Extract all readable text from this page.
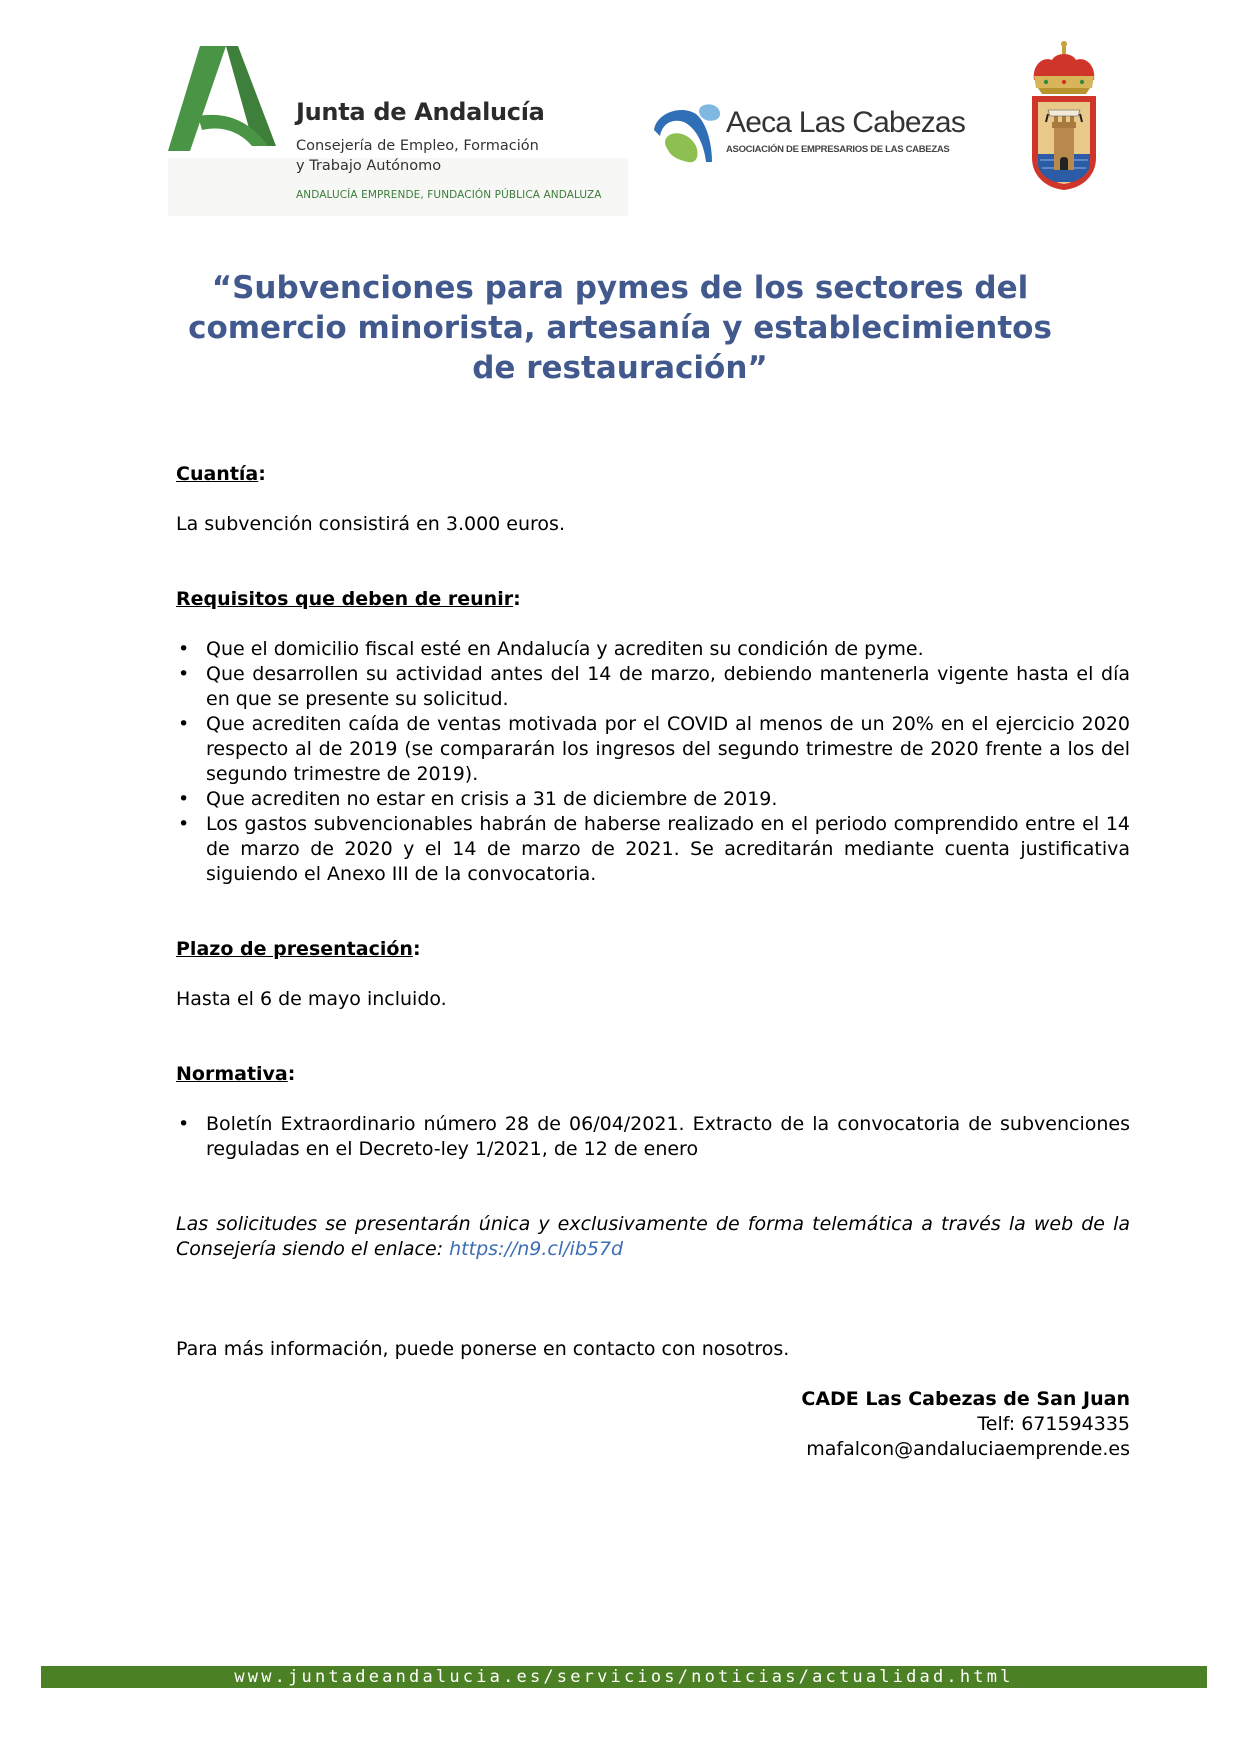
Junta de Andalucía
Consejería de Empleo, Formación
y Trabajo Autónomo
ANDALUCÍA EMPRENDE, FUNDACIÓN PÚBLICA ANDALUZA
Aeca Las Cabezas
ASOCIACIÓN DE EMPRESARIOS DE LAS CABEZAS
“Subvenciones para pymes de los sectores del
comercio minorista, artesanía y establecimientos
de restauración”

Cuantía:

La subvención consistirá en 3.000 euros.

Requisitos que deben de reunir:

• Que el domicilio fiscal esté en Andalucía y acrediten su condición de pyme.
• Que desarrollen su actividad antes del 14 de marzo, debiendo mantenerla vigente hasta el día en que se presente su solicitud.
• Que acrediten caída de ventas motivada por el COVID al menos de un 20% en el ejercicio 2020 respecto al de 2019 (se compararán los ingresos del segundo trimestre de 2020 frente a los del segundo trimestre de 2019).
• Que acrediten no estar en crisis a 31 de diciembre de 2019.
• Los gastos subvencionables habrán de haberse realizado en el periodo comprendido entre el 14 de marzo de 2020 y el 14 de marzo de 2021. Se acreditarán mediante cuenta justificativa siguiendo el Anexo III de la convocatoria.

Plazo de presentación:

Hasta el 6 de mayo incluido.

Normativa:

• Boletín Extraordinario número 28 de 06/04/2021. Extracto de la convocatoria de subvenciones reguladas en el Decreto-ley 1/2021, de 12 de enero

Las solicitudes se presentarán única y exclusivamente de forma telemática a través la web de la Consejería siendo el enlace: https://n9.cl/ib57d

Para más información, puede ponerse en contacto con nosotros.

CADE Las Cabezas de San Juan
Telf: 671594335
mafalcon@andaluciaemprende.es
www.juntadeandalucia.es/servicios/noticias/actualidad.html
